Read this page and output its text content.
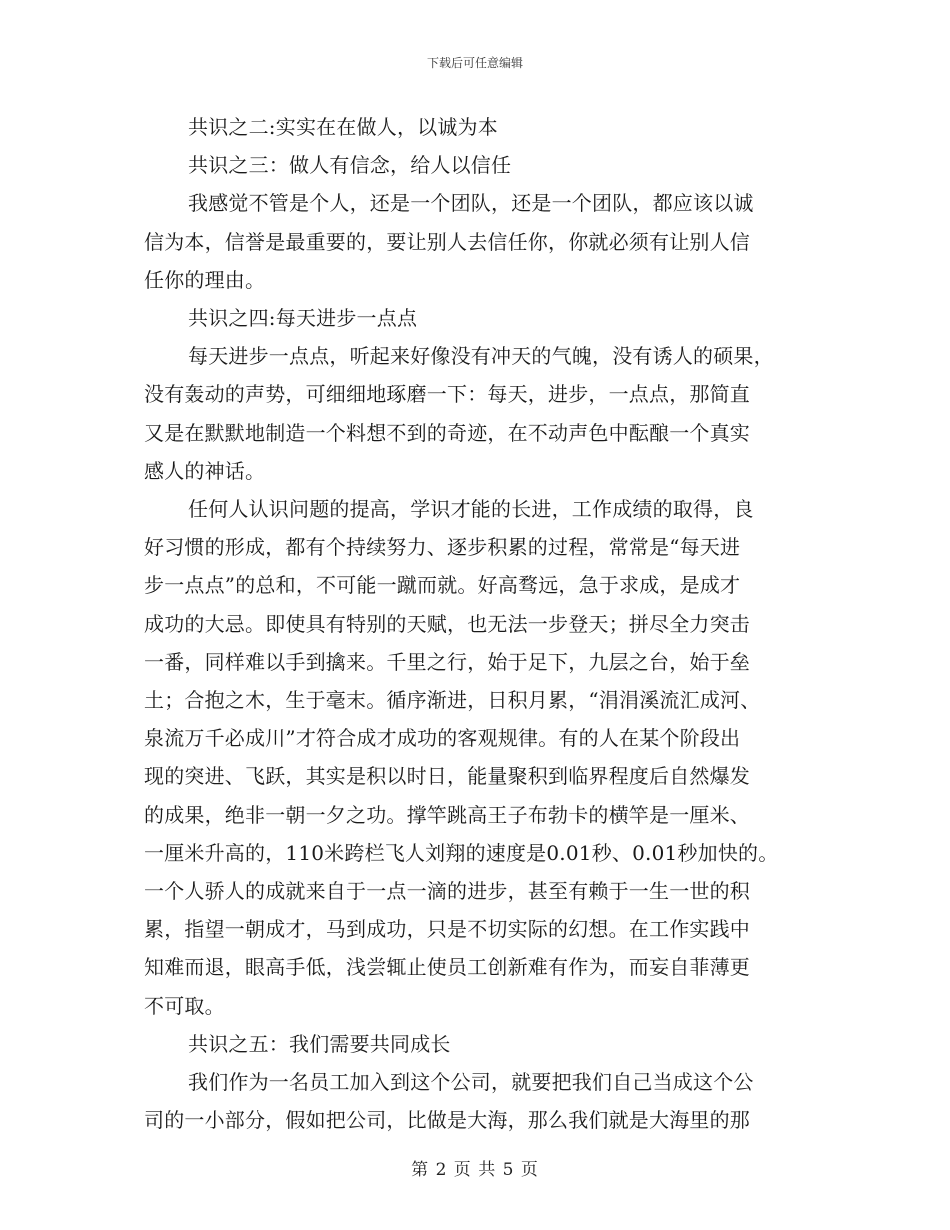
下载后可任意编辑
共识之二:实实在在做人，以诚为本
共识之三：做人有信念，给人以信任
我感觉不管是个人，还是一个团队，还是一个团队，都应该以诚
信为本，信誉是最重要的，要让别人去信任你，你就必须有让别人信
任你的理由。
共识之四:每天进步一点点
每天进步一点点，听起来好像没有冲天的气魄，没有诱人的硕果，
没有轰动的声势，可细细地琢磨一下：每天，进步，一点点，那简直
又是在默默地制造一个料想不到的奇迹，在不动声色中酝酿一个真实
感人的神话。
任何人认识问题的提高，学识才能的长进，工作成绩的取得，良
好习惯的形成，都有个持续努力、逐步积累的过程，常常是“每天进
步一点点”的总和，不可能一蹴而就。好高骛远，急于求成，是成才
成功的大忌。即使具有特别的天赋，也无法一步登天；拼尽全力突击
一番，同样难以手到擒来。千里之行，始于足下，九层之台，始于垒
土；合抱之木，生于毫末。循序渐进，日积月累，“涓涓溪流汇成河、
泉流万千必成川”才符合成才成功的客观规律。有的人在某个阶段出
现的突进、飞跃，其实是积以时日，能量聚积到临界程度后自然爆发
的成果，绝非一朝一夕之功。撑竿跳高王子布勃卡的横竿是一厘米、
一厘米升高的，110米跨栏飞人刘翔的速度是0.01秒、0.01秒加快的。
一个人骄人的成就来自于一点一滴的进步，甚至有赖于一生一世的积
累，指望一朝成才，马到成功，只是不切实际的幻想。在工作实践中
知难而退，眼高手低，浅尝辄止使员工创新难有作为，而妄自菲薄更
不可取。
共识之五：我们需要共同成长
我们作为一名员工加入到这个公司，就要把我们自己当成这个公
司的一小部分，假如把公司，比做是大海，那么我们就是大海里的那
第 2 页 共 5 页
